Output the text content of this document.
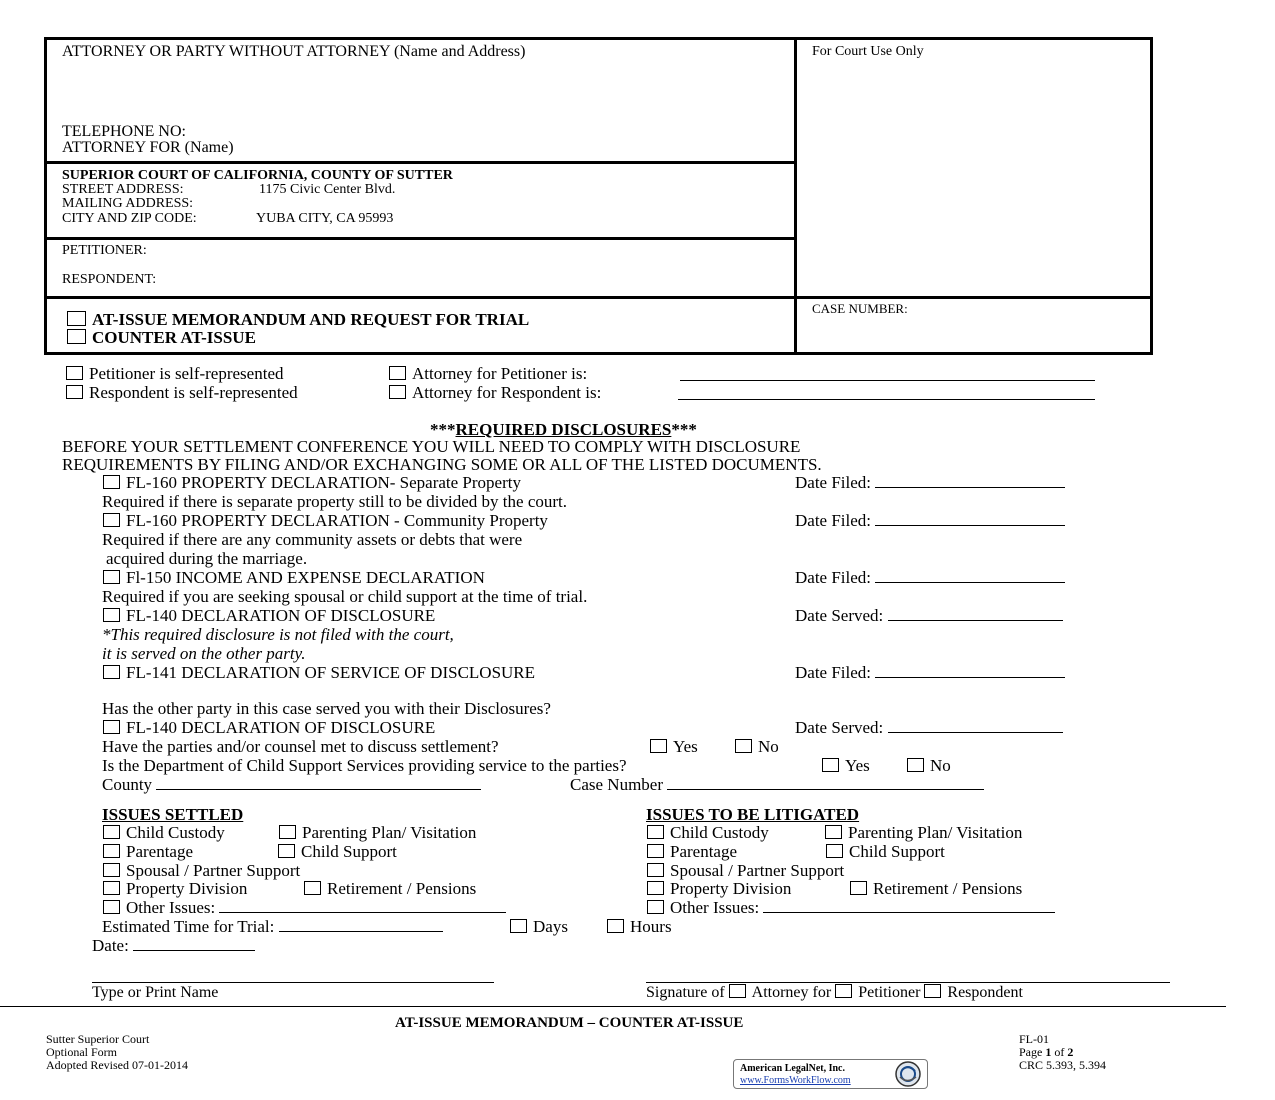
ATTORNEY OR PARTY WITHOUT ATTORNEY (Name and Address)
TELEPHONE NO:
ATTORNEY FOR (Name)
For Court Use Only
SUPERIOR COURT OF CALIFORNIA, COUNTY OF SUTTER
STREET ADDRESS:	1175 Civic Center Blvd.
MAILING ADDRESS:
CITY AND ZIP CODE:	YUBA CITY, CA 95993
PETITIONER:
RESPONDENT:
CASE NUMBER:
AT-ISSUE MEMORANDUM AND REQUEST FOR TRIAL
COUNTER AT-ISSUE
Petitioner is self-represented	Attorney for Petitioner is:
Respondent is self-represented	Attorney for Respondent is:
***REQUIRED DISCLOSURES***
BEFORE YOUR SETTLEMENT CONFERENCE YOU WILL NEED TO COMPLY WITH DISCLOSURE
REQUIREMENTS BY FILING AND/OR EXCHANGING SOME OR ALL OF THE LISTED DOCUMENTS.
FL-160 PROPERTY DECLARATION- Separate Property	Date Filed:
Required if there is separate property still to be divided by the court.
FL-160 PROPERTY DECLARATION - Community Property	Date Filed:
Required if there are any community assets or debts that were
acquired during the marriage.
Fl-150 INCOME AND EXPENSE DECLARATION	Date Filed:
Required if you are seeking spousal or child support at the time of trial.
FL-140 DECLARATION OF DISCLOSURE	Date Served:
*This required disclosure is not filed with the court,
it is served on the other party.
FL-141 DECLARATION OF SERVICE OF DISCLOSURE	Date Filed:
Has the other party in this case served you with their Disclosures?
FL-140 DECLARATION OF DISCLOSURE	Date Served:
Have the parties and/or counsel met to discuss settlement?	Yes	No
Is the Department of Child Support Services providing service to the parties?	Yes	No
County	Case Number
ISSUES SETTLED
Child Custody	Parenting Plan/ Visitation
Parentage	Child Support
Spousal / Partner Support
Property Division	Retirement / Pensions
Other Issues:
ISSUES TO BE LITIGATED
Child Custody	Parenting Plan/ Visitation
Parentage	Child Support
Spousal / Partner Support
Property Division	Retirement / Pensions
Other Issues:
Estimated Time for Trial:	Days	Hours
Date:
Type or Print Name	Signature of Attorney for Petitioner Respondent
AT-ISSUE MEMORANDUM – COUNTER AT-ISSUE
Sutter Superior Court
Optional Form
Adopted Revised 07-01-2014
FL-01
Page 1 of 2
CRC 5.393, 5.394
American LegalNet, Inc.
www.FormsWorkFlow.com
